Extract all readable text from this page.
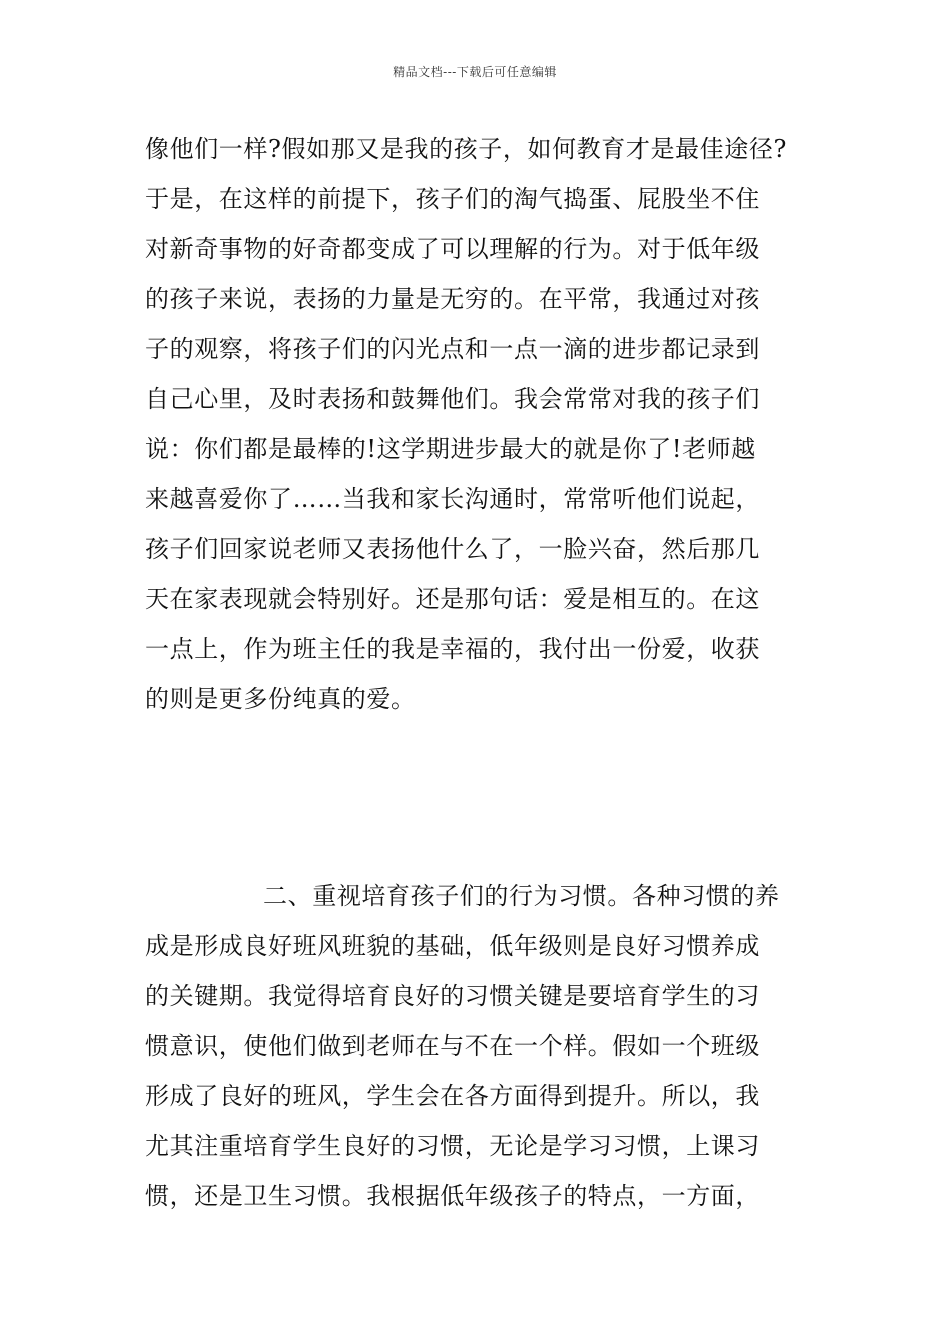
精品文档---下载后可任意编辑
像他们一样?假如那又是我的孩子，如何教育才是最佳途径?
于是，在这样的前提下，孩子们的淘气捣蛋、屁股坐不住
对新奇事物的好奇都变成了可以理解的行为。对于低年级
的孩子来说，表扬的力量是无穷的。在平常，我通过对孩
子的观察，将孩子们的闪光点和一点一滴的进步都记录到
自己心里，及时表扬和鼓舞他们。我会常常对我的孩子们
说：你们都是最棒的!这学期进步最大的就是你了!老师越
来越喜爱你了……当我和家长沟通时，常常听他们说起，
孩子们回家说老师又表扬他什么了，一脸兴奋，然后那几
天在家表现就会特别好。还是那句话：爱是相互的。在这
一点上，作为班主任的我是幸福的，我付出一份爱，收获
的则是更多份纯真的爱。
二、重视培育孩子们的行为习惯。各种习惯的养
成是形成良好班风班貌的基础，低年级则是良好习惯养成
的关键期。我觉得培育良好的习惯关键是要培育学生的习
惯意识，使他们做到老师在与不在一个样。假如一个班级
形成了良好的班风，学生会在各方面得到提升。所以，我
尤其注重培育学生良好的习惯，无论是学习习惯，上课习
惯，还是卫生习惯。我根据低年级孩子的特点，一方面，
